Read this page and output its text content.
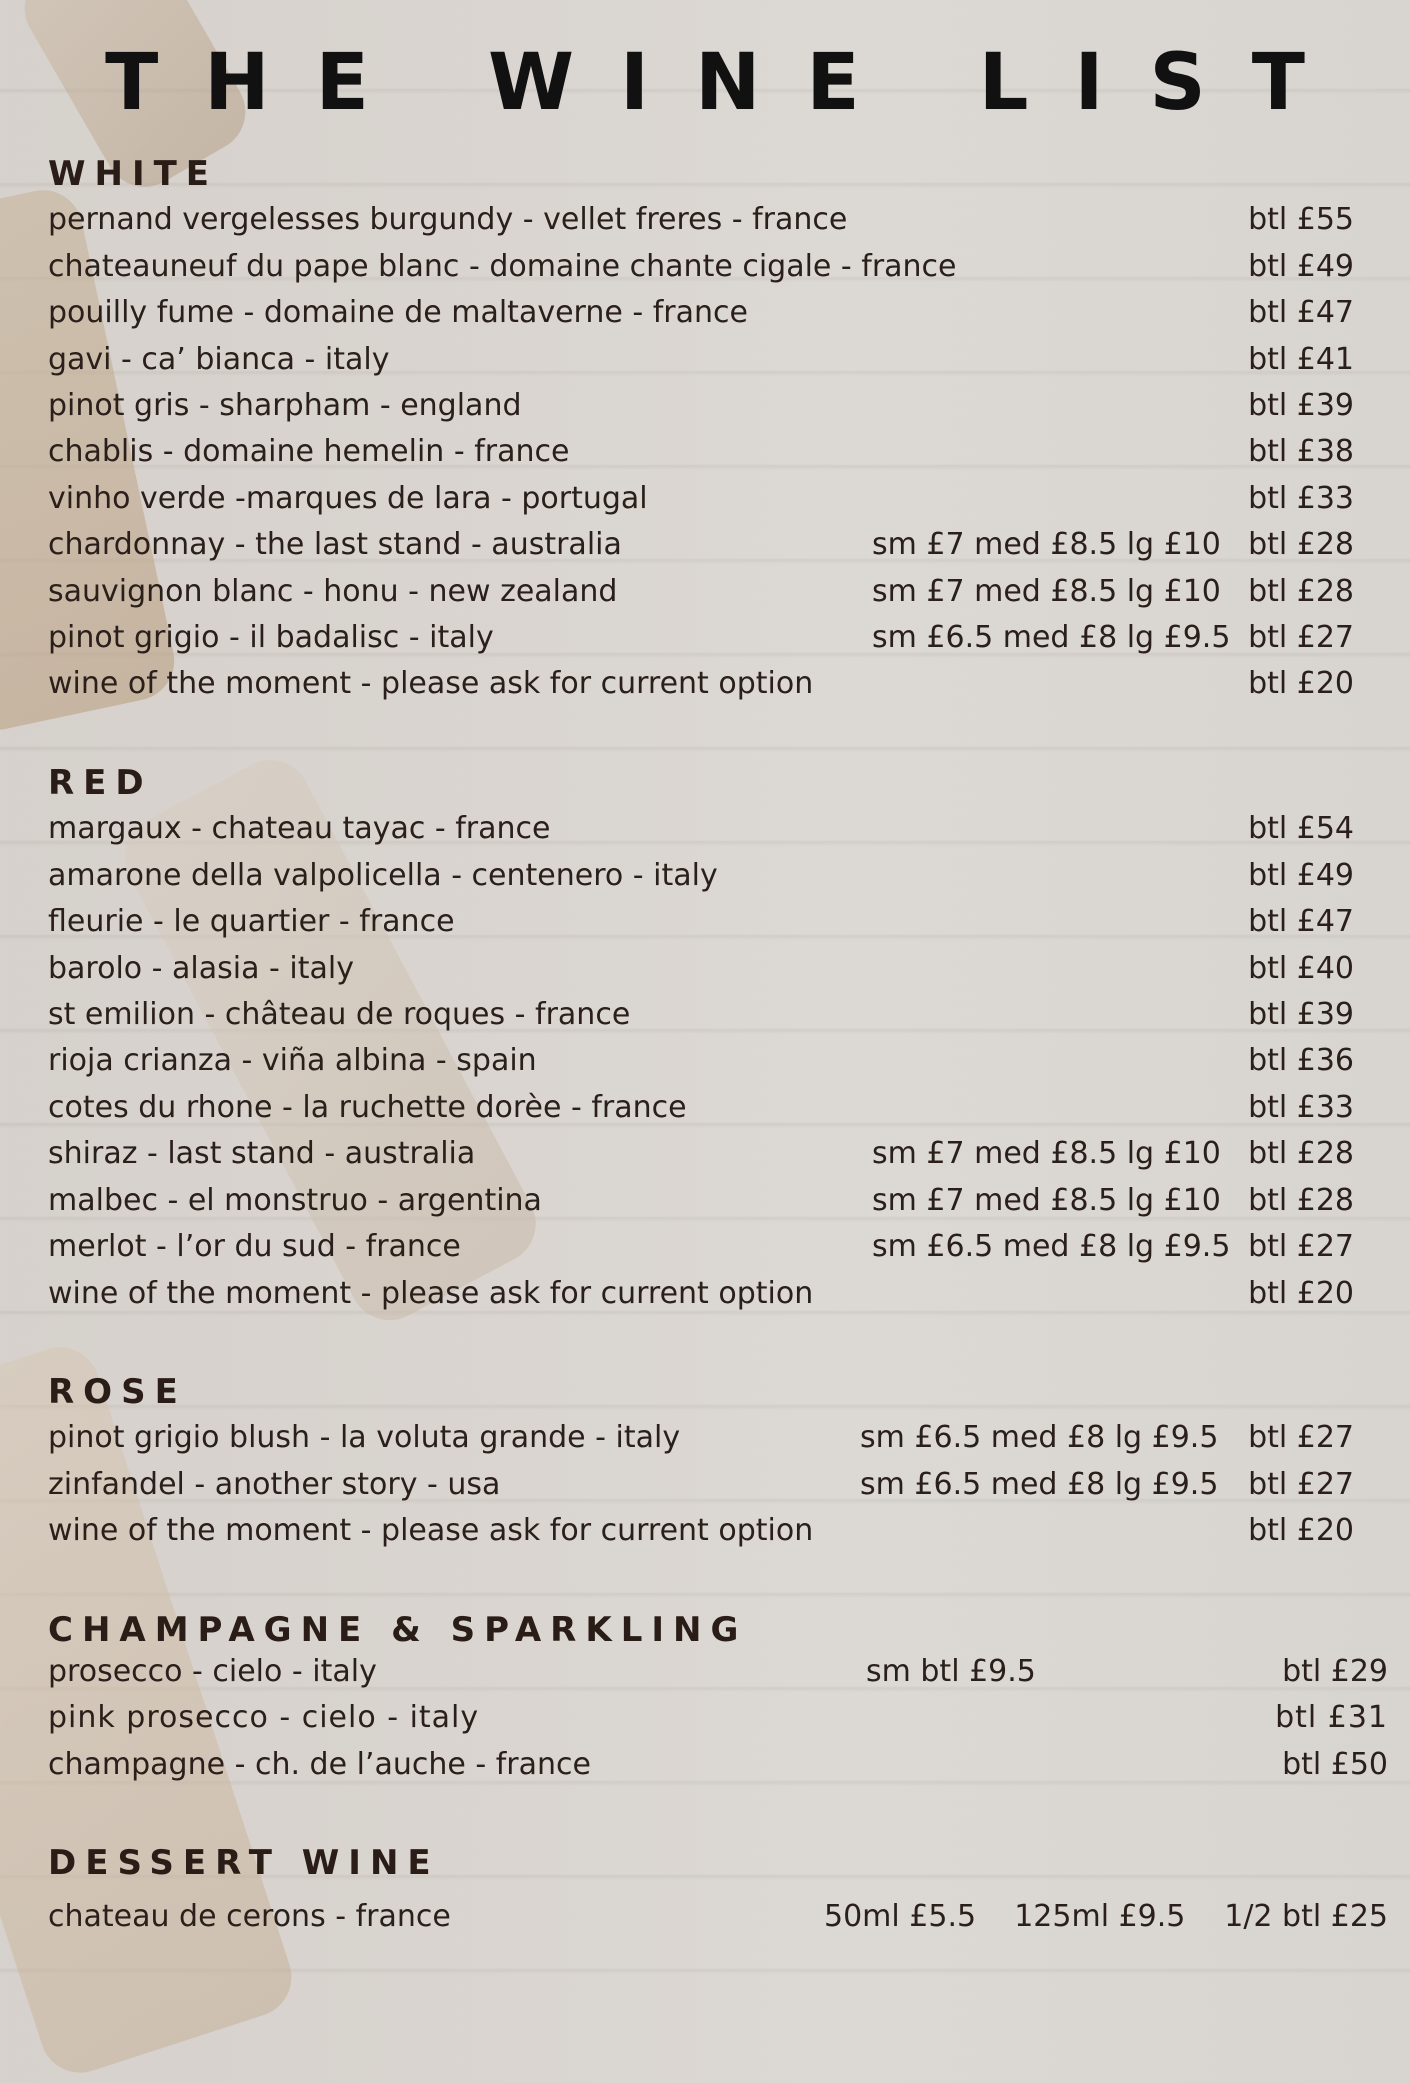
THE WINE LIST
WHITE
pernand vergelesses burgundy - vellet freres - france	btl £55
chateauneuf du pape blanc - domaine chante cigale - france	btl £49
pouilly fume - domaine de maltaverne - france	btl £47
gavi - ca’ bianca - italy	btl £41
pinot gris - sharpham - england	btl £39
chablis - domaine hemelin - france	btl £38
vinho verde -marques de lara - portugal	btl £33
chardonnay - the last stand - australia	sm £7 med £8.5 lg £10 btl £28
sauvignon blanc - honu - new zealand	sm £7 med £8.5 lg £10 btl £28
pinot grigio - il badalisc - italy	sm £6.5 med £8 lg £9.5 btl £27
wine of the moment - please ask for current option	btl £20
RED
margaux - chateau tayac - france	btl £54
amarone della valpolicella - centenero - italy	btl £49
fleurie - le quartier - france	btl £47
barolo - alasia - italy	btl £40
st emilion - château de roques - france	btl £39
rioja crianza - viña albina - spain	btl £36
cotes du rhone - la ruchette dorèe - france	btl £33
shiraz - last stand - australia	sm £7 med £8.5 lg £10 btl £28
malbec - el monstruo - argentina	sm £7 med £8.5 lg £10 btl £28
merlot - l’or du sud - france	sm £6.5 med £8 lg £9.5 btl £27
wine of the moment - please ask for current option	btl £20
ROSE
pinot grigio blush - la voluta grande - italy	sm £6.5 med £8 lg £9.5 btl £27
zinfandel - another story - usa	sm £6.5 med £8 lg £9.5 btl £27
wine of the moment - please ask for current option	btl £20
CHAMPAGNE & SPARKLING
prosecco - cielo - italy	sm btl £9.5	btl £29
pink prosecco - cielo - italy	btl £31
champagne - ch. de l’auche - france	btl £50
DESSERT WINE
chateau de cerons - france	50ml £5.5    125ml £9.5 1/2 btl £25
